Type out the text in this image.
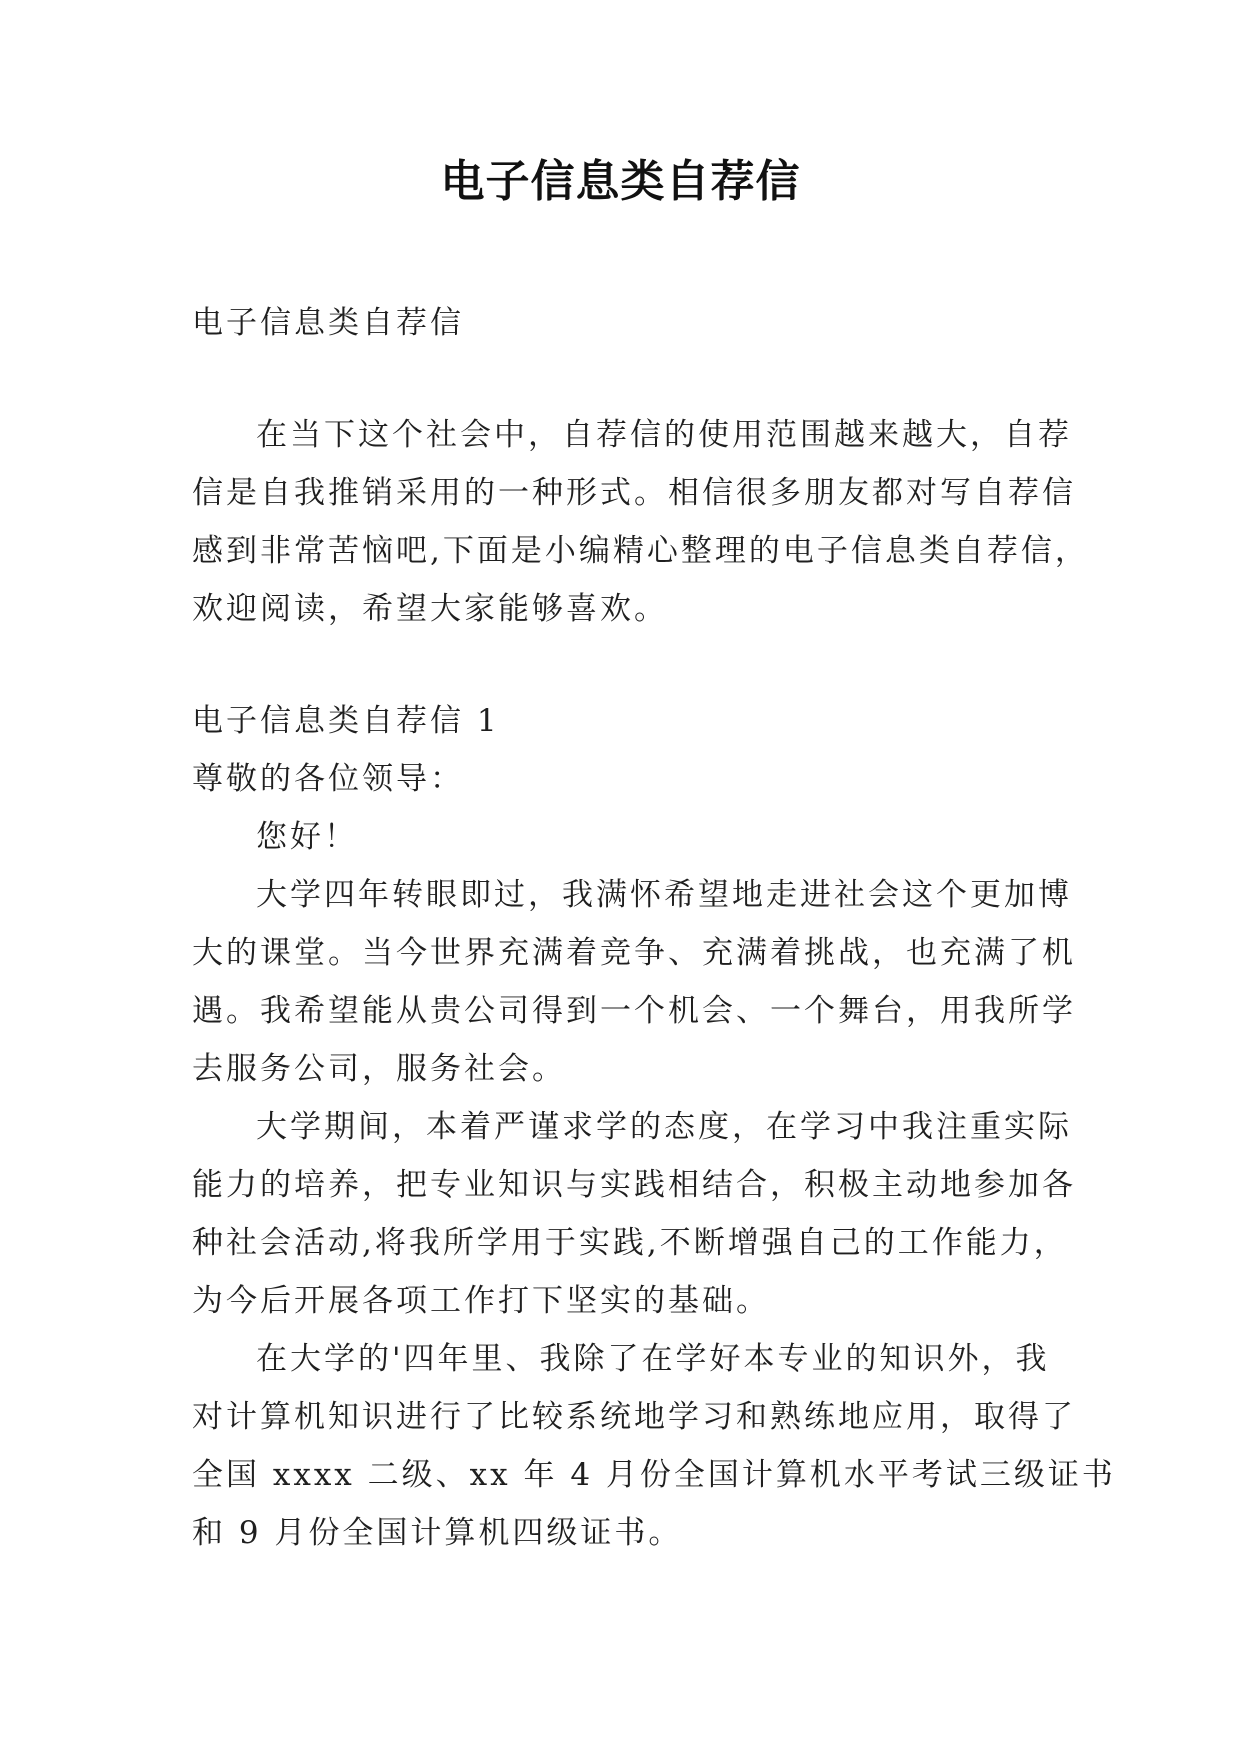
电子信息类自荐信
电子信息类自荐信
在当下这个社会中，自荐信的使用范围越来越大，自荐
信是自我推销采用的一种形式。相信很多朋友都对写自荐信
感到非常苦恼吧,下面是小编精心整理的电子信息类自荐信，
欢迎阅读，希望大家能够喜欢。
电子信息类自荐信 1
尊敬的各位领导：
您好！
大学四年转眼即过，我满怀希望地走进社会这个更加博
大的课堂。当今世界充满着竞争、充满着挑战，也充满了机
遇。我希望能从贵公司得到一个机会、一个舞台，用我所学
去服务公司，服务社会。
大学期间，本着严谨求学的态度，在学习中我注重实际
能力的培养，把专业知识与实践相结合，积极主动地参加各
种社会活动,将我所学用于实践,不断增强自己的工作能力，
为今后开展各项工作打下坚实的基础。
在大学的'四年里、我除了在学好本专业的知识外，我
对计算机知识进行了比较系统地学习和熟练地应用，取得了
全国 xxxx 二级、xx 年 4 月份全国计算机水平考试三级证书
和 9 月份全国计算机四级证书。
